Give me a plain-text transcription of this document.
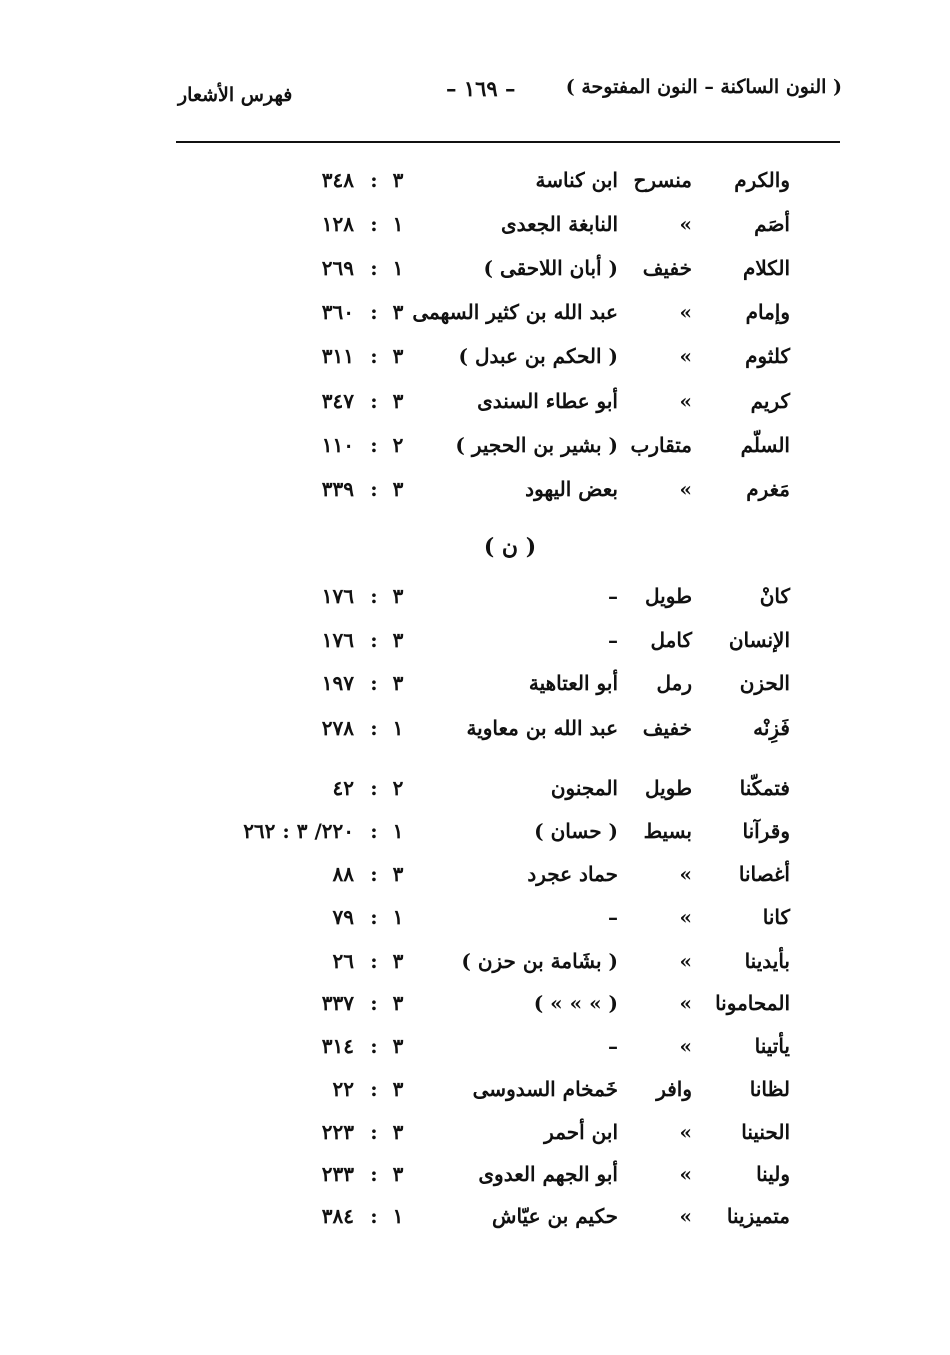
( النون الساكنة – النون المفتوحة )
– ١٦٩ –
فهرس الأشعار
( ن )
والكرم
منسرح
ابن كناسة
٣
:
٣٤٨
أصَم
»
النابغة الجعدى
١
:
١٢٨
الكلام
خفيف
( أبان اللاحقى )
١
:
٢٦٩
وإمام
»
عبد الله بن كثير السهمى
٣
:
٣٦٠
كلثوم
»
( الحكم بن عبدل )
٣
:
٣١١
كريم
»
أبو عطاء السندى
٣
:
٣٤٧
السلّم
متقارب
( بشير بن الحجير )
٢
:
١١٠
مَغرم
»
بعض اليهود
٣
:
٣٣٩
كانْ
طويل
–
٣
:
١٧٦
الإنسان
كامل
–
٣
:
١٧٦
الحزن
رمل
أبو العتاهية
٣
:
١٩٧
فَزِنْه
خفيف
عبد الله بن معاوية
١
:
٢٧٨
فتمكّنا
طويل
المجنون
٢
:
٤٢
وقرآنا
بسيط
( حسان )
١
:
٢٢٠/ ٣ : ٢٦٢
أغصانا
»
حماد عجرد
٣
:
٨٨
كانا
»
–
١
:
٧٩
بأيدينا
»
( بشَامة بن حزن )
٣
:
٢٦
المحامونا
»
( » » » )
٣
:
٣٣٧
يأتينا
»
–
٣
:
٣١٤
لظانا
وافر
خَمخام السدوسى
٣
:
٢٢
الحنينا
»
ابن أحمر
٣
:
٢٢٣
ولينا
»
أبو الجهم العدوى
٣
:
٢٣٣
متميزينا
»
حكيم بن عيّاش
١
:
٣٨٤
